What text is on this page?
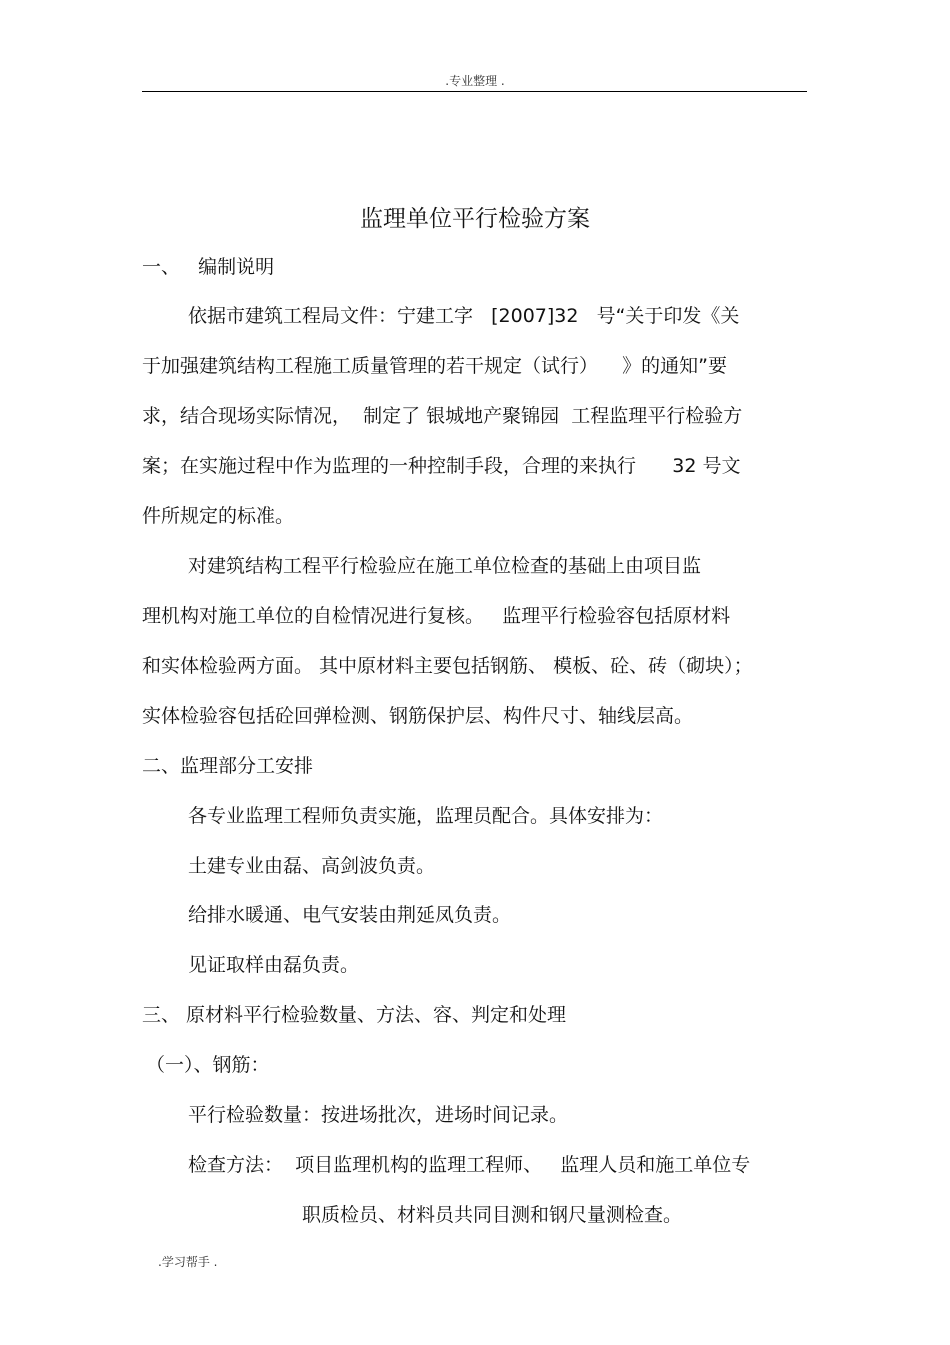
.专业整理 .
监理单位平行检验方案
一、   编制说明
依据市建筑工程局文件：宁建工字   [2007]32   号“关于印发《关
于加强建筑结构工程施工质量管理的若干规定（试行）    》的通知”要
求，结合现场实际情况，  制定了 银城地产聚锦园  工程监理平行检验方
案；在实施过程中作为监理的一种控制手段，合理的来执行      32 号文
件所规定的标准。
对建筑结构工程平行检验应在施工单位检查的基础上由项目监
理机构对施工单位的自检情况进行复核。   监理平行检验容包括原材料
和实体检验两方面。 其中原材料主要包括钢筋、 模板、砼、砖（砌块）；
实体检验容包括砼回弹检测、钢筋保护层、构件尺寸、轴线层高。
二、监理部分工安排
各专业监理工程师负责实施，监理员配合。具体安排为：
土建专业由磊、高剑波负责。
给排水暖通、电气安装由荆延凤负责。
见证取样由磊负责。
三、 原材料平行检验数量、方法、容、判定和处理
（一）、钢筋：
平行检验数量：按进场批次，进场时间记录。
检查方法：  项目监理机构的监理工程师、   监理人员和施工单位专
职质检员、材料员共同目测和钢尺量测检查。
.学习帮手 .
